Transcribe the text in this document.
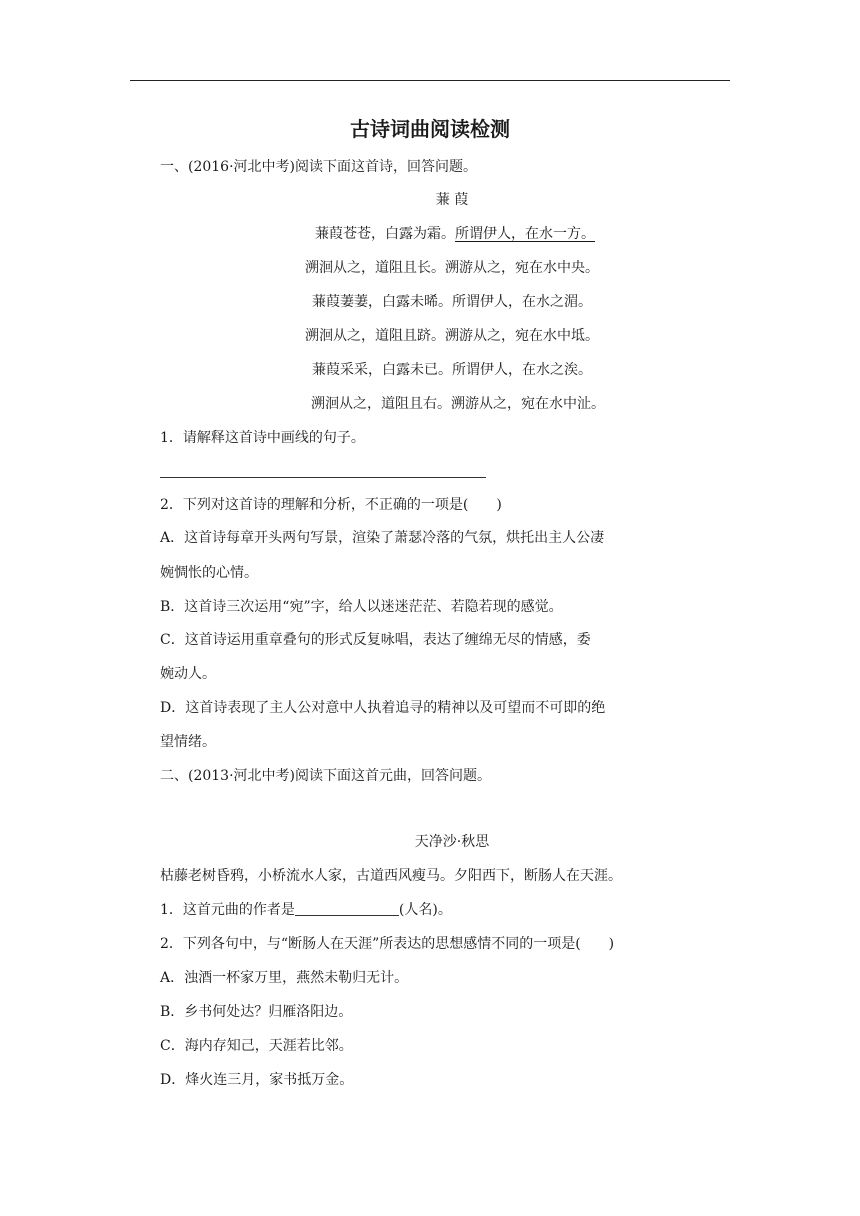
古诗词曲阅读检测
一、(2016·河北中考)阅读下面这首诗，回答问题。
蒹 葭
蒹葭苍苍，白露为霜。所谓伊人，在水一方。
溯洄从之，道阻且长。溯游从之，宛在水中央。
蒹葭萋萋，白露未晞。所谓伊人，在水之湄。
溯洄从之，道阻且跻。溯游从之，宛在水中坻。
蒹葭采采，白露未已。所谓伊人，在水之涘。
溯洄从之，道阻且右。溯游从之，宛在水中沚。
1．请解释这首诗中画线的句子。
2．下列对这首诗的理解和分析，不正确的一项是(　　)
A．这首诗每章开头两句写景，渲染了萧瑟冷落的气氛，烘托出主人公凄
婉惆怅的心情。
B．这首诗三次运用“宛”字，给人以迷迷茫茫、若隐若现的感觉。
C．这首诗运用重章叠句的形式反复咏唱，表达了缠绵无尽的情感，委
婉动人。
D．这首诗表现了主人公对意中人执着追寻的精神以及可望而不可即的绝
望情绪。
二、(2013·河北中考)阅读下面这首元曲，回答问题。
天净沙·秋思
枯藤老树昏鸦，小桥流水人家，古道西风瘦马。夕阳西下，断肠人在天涯。
1．这首元曲的作者是	(人名)。
2．下列各句中，与“断肠人在天涯”所表达的思想感情不同的一项是(　　)
A．浊酒一杯家万里，燕然未勒归无计。
B．乡书何处达？归雁洛阳边。
C．海内存知己，天涯若比邻。
D．烽火连三月，家书抵万金。
